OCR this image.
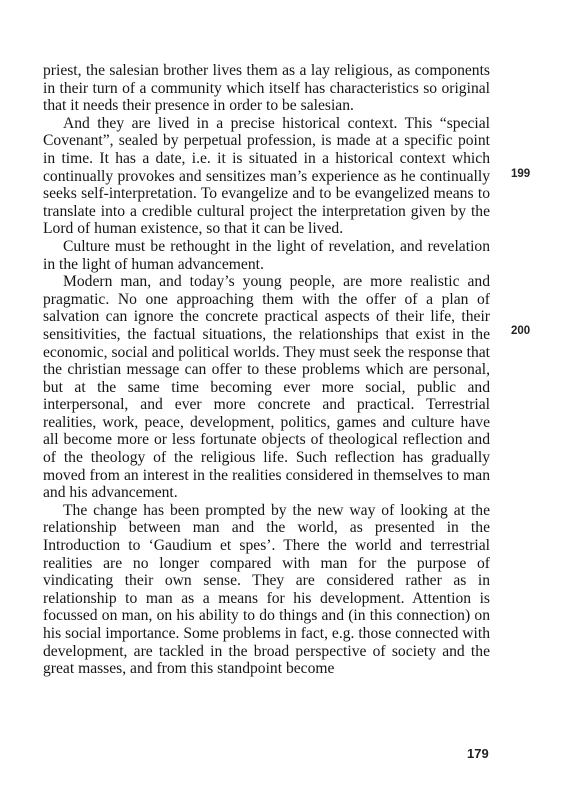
priest, the salesian brother lives them as a lay religious, as components in their turn of a community which itself has characteristics so original that it needs their presence in order to be salesian.

And they are lived in a precise historical context. This “special Covenant”, sealed by perpetual profession, is made at a specific point in time. It has a date, i.e. it is situated in a historical context which continually provokes and sensitizes man’s experience as he continually seeks self-interpretation. To evangelize and to be evangelized means to translate into a credible cultural project the interpretation given by the Lord of human existence, so that it can be lived.

Culture must be rethought in the light of revelation, and revelation in the light of human advancement.

Modern man, and today’s young people, are more realistic and pragmatic. No one approaching them with the offer of a plan of salvation can ignore the concrete practical aspects of their life, their sensitivities, the factual situations, the relationships that exist in the economic, social and political worlds. They must seek the response that the christian message can offer to these problems which are personal, but at the same time becoming ever more social, public and interpersonal, and ever more concrete and practical. Terrestrial realities, work, peace, development, politics, games and culture have all become more or less fortunate objects of theological reflection and of the theology of the religious life. Such reflection has gradually moved from an interest in the realities considered in themselves to man and his advancement.

The change has been prompted by the new way of looking at the relationship between man and the world, as presented in the Introduction to ‘Gaudium et spes’. There the world and terrestrial realities are no longer compared with man for the purpose of vindicating their own sense. They are considered rather as in relationship to man as a means for his development. Attention is focussed on man, on his ability to do things and (in this connection) on his social importance. Some problems in fact, e.g. those connected with development, are tackled in the broad perspective of society and the great masses, and from this standpoint become

199
200
179
